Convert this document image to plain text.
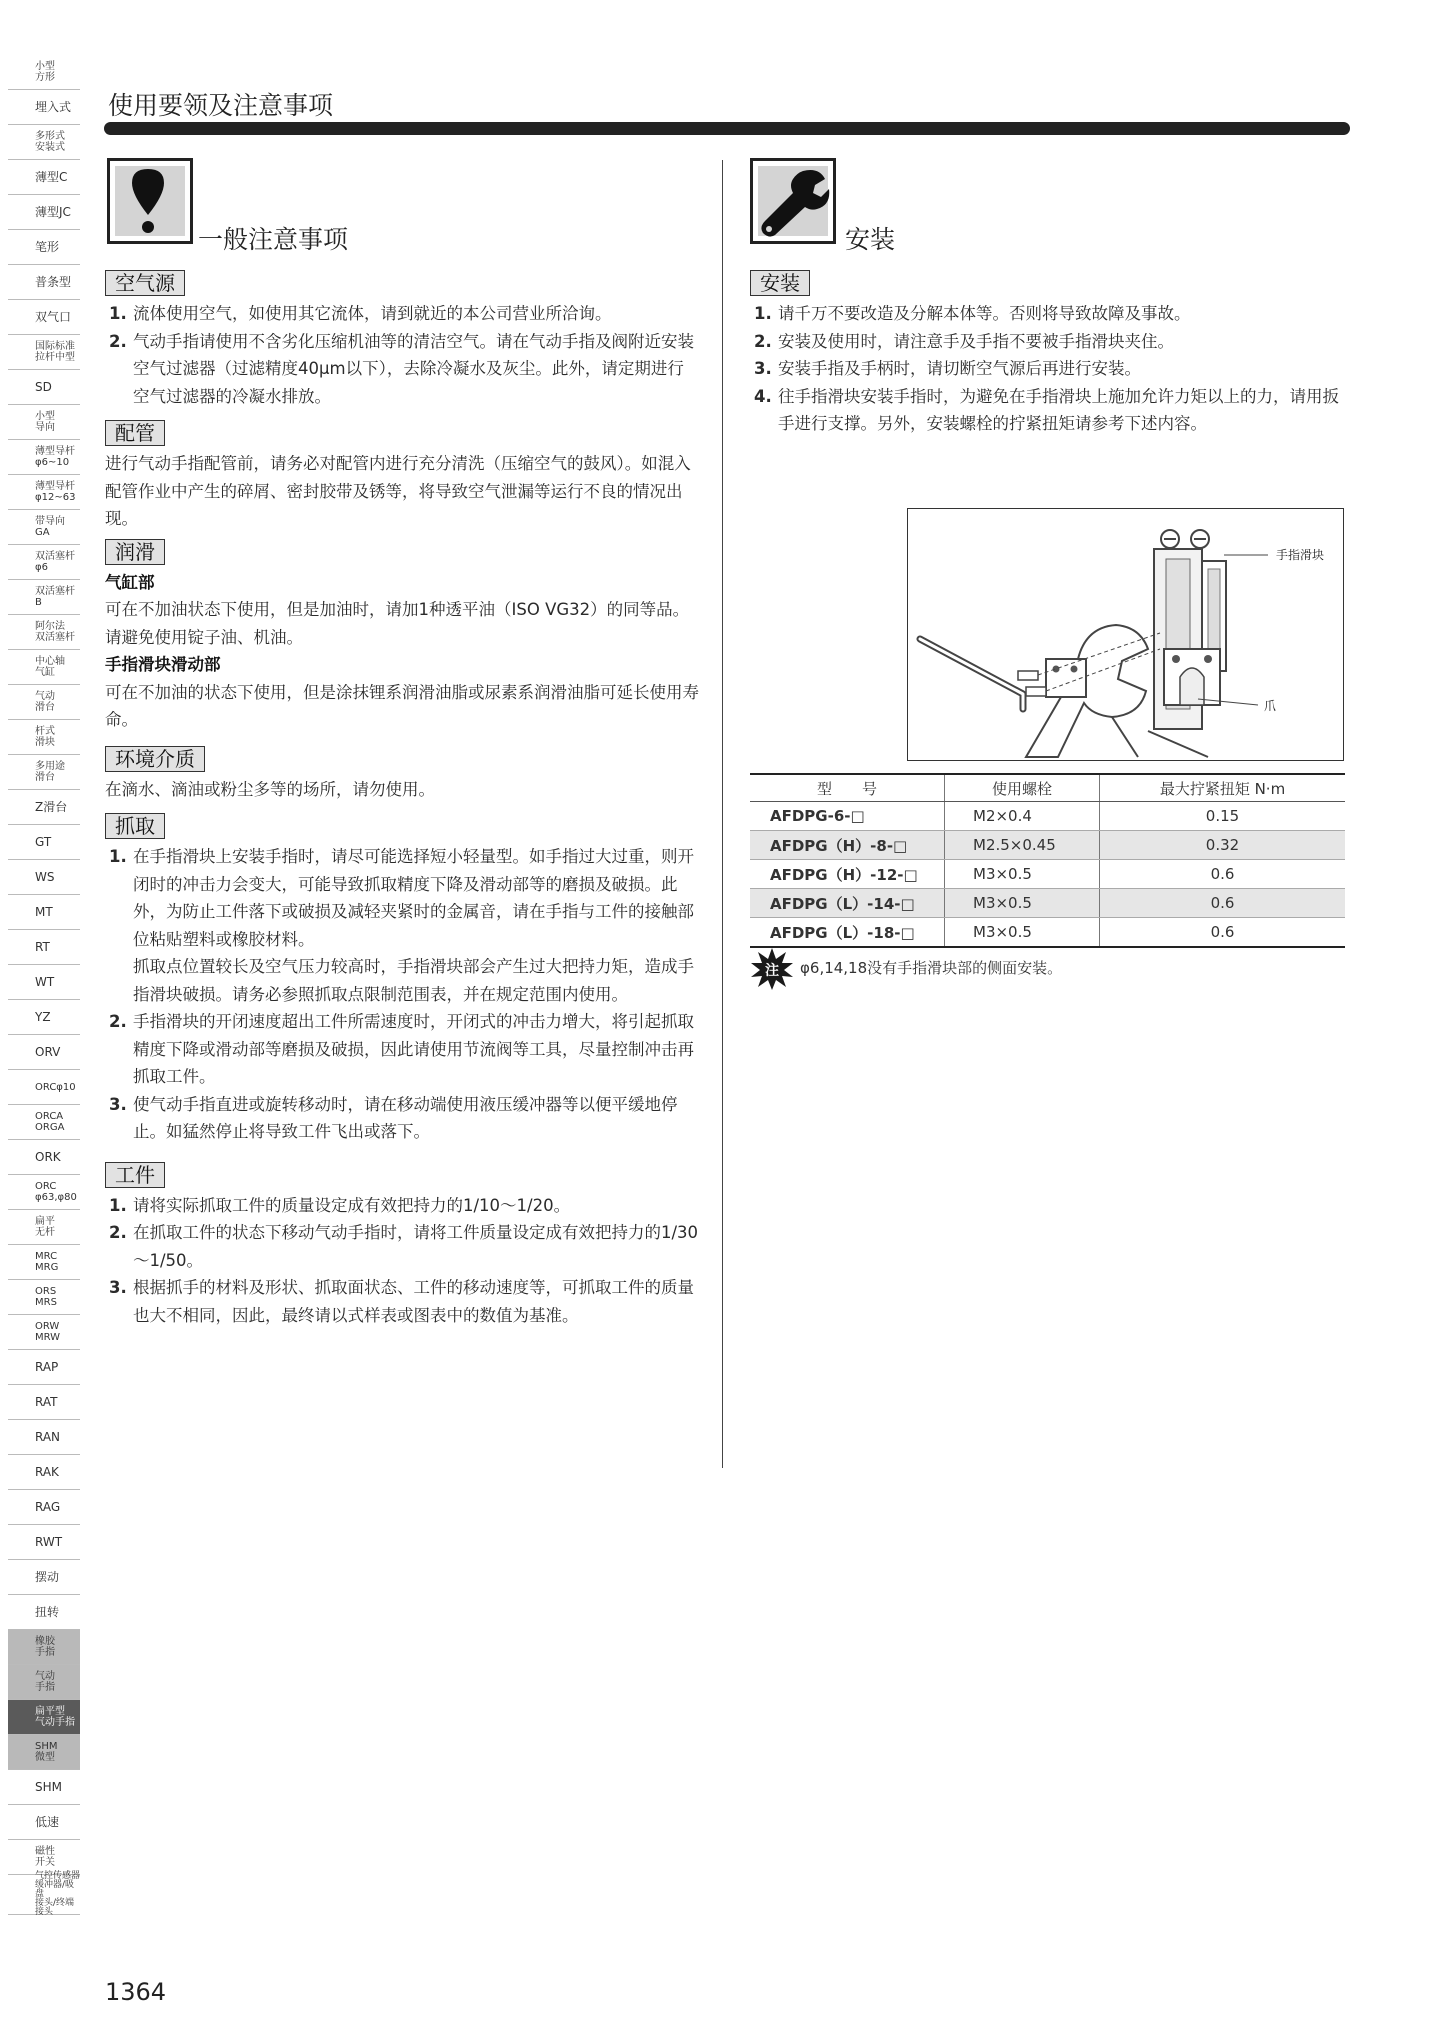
小型
方形
埋入式
多形式
安装式
薄型C
薄型JC
笔形
普条型
双气口
国际标准
拉杆中型
SD
小型
导向
薄型导杆
φ6~10
薄型导杆
φ12~63
带导向
GA
双活塞杆
φ6
双活塞杆
B
阿尔法
双活塞杆
中心轴
气缸
气动
滑台
杆式
滑块
多用途
滑台
Z滑台
GT
WS
MT
RT
WT
YZ
ORV
ORCφ10
ORCA
ORGA
ORK
ORC
φ63,φ80
扁平
无杆
MRC
MRG
ORS
MRS
ORW
MRW
RAP
RAT
RAN
RAK
RAG
RWT
摆动
扭转
橡胶
手指
气动
手指
扁平型
气动手指
SHM
微型
SHM
低速
磁性
开关
气控传感器
缓冲器/吸盘
接头/终端接头
使用要领及注意事项
一般注意事项
空气源
1. 流体使用空气，如使用其它流体，请到就近的本公司营业所洽询。
2. 气动手指请使用不含劣化压缩机油等的清洁空气。请在气动手指及阀附近安装空气过滤器（过滤精度40μm以下），去除冷凝水及灰尘。此外，请定期进行空气过滤器的冷凝水排放。
配管

进行气动手指配管前，请务必对配管内进行充分清洗（压缩空气的鼓风）。如混入配管作业中产生的碎屑、密封胶带及锈等，将导致空气泄漏等运行不良的情况出现。

润滑
气缸部

可在不加油状态下使用，但是加油时，请加1种透平油（ISO VG32）的同等品。请避免使用锭子油、机油。

手指滑块滑动部

可在不加油的状态下使用，但是涂抹锂系润滑油脂或尿素系润滑油脂可延长使用寿命。

环境介质

在滴水、滴油或粉尘多等的场所，请勿使用。

抓取
1. 在手指滑块上安装手指时，请尽可能选择短小轻量型。如手指过大过重，则开闭时的冲击力会变大，可能导致抓取精度下降及滑动部等的磨损及破损。此外，为防止工件落下或破损及减轻夹紧时的金属音，请在手指与工件的接触部位粘贴塑料或橡胶材料。
抓取点位置较长及空气压力较高时，手指滑块部会产生过大把持力矩，造成手指滑块破损。请务必参照抓取点限制范围表，并在规定范围内使用。
2. 手指滑块的开闭速度超出工件所需速度时，开闭式的冲击力增大，将引起抓取精度下降或滑动部等磨损及破损，因此请使用节流阀等工具，尽量控制冲击再抓取工件。
3. 使气动手指直进或旋转移动时，请在移动端使用液压缓冲器等以便平缓地停止。如猛然停止将导致工件飞出或落下。
工件
1. 请将实际抓取工件的质量设定成有效把持力的1/10～1/20。
2. 在抓取工件的状态下移动气动手指时，请将工件质量设定成有效把持力的1/30～1/50。
3. 根据抓手的材料及形状、抓取面状态、工件的移动速度等，可抓取工件的质量也大不相同，因此，最终请以式样表或图表中的数值为基准。
安装
安装
1. 请千万不要改造及分解本体等。否则将导致故障及事故。
2. 安装及使用时，请注意手及手指不要被手指滑块夹住。
3. 安装手指及手柄时，请切断空气源后再进行安装。
4. 往手指滑块安装手指时，为避免在手指滑块上施加允许力矩以上的力，请用扳手进行支撑。另外，安装螺栓的拧紧扭矩请参考下述内容。
手指滑块
爪
型　　号	使用螺栓	最大拧紧扭矩 N·m
AFDPG-6-□	M2×0.4	0.15
AFDPG（H）-8-□	M2.5×0.45	0.32
AFDPG（H）-12-□	M3×0.5	0.6
AFDPG（L）-14-□	M3×0.5	0.6
AFDPG（L）-18-□	M3×0.5	0.6
注 φ6,14,18没有手指滑块部的侧面安装。
1364
